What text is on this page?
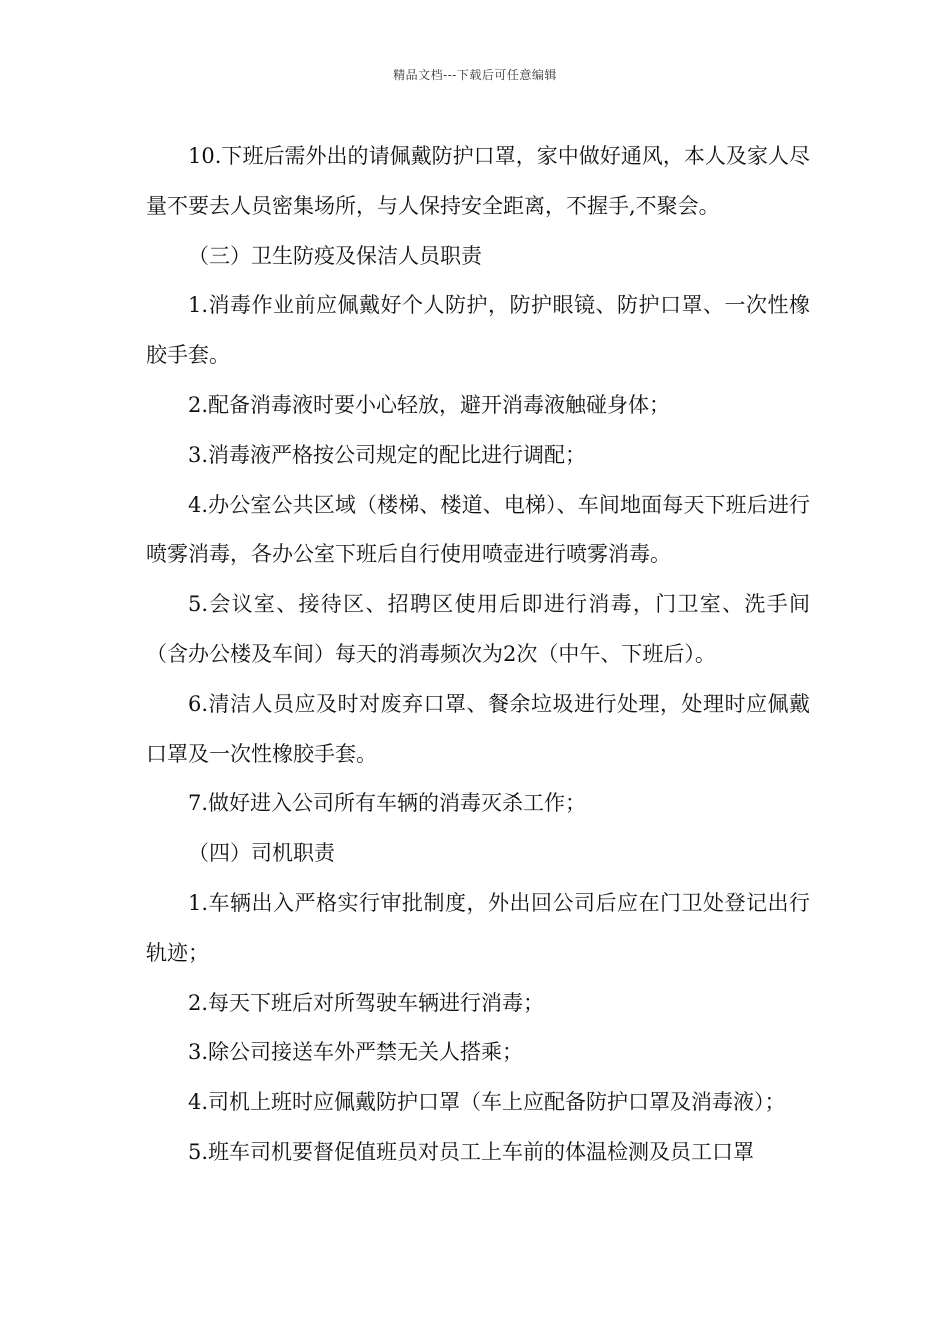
精品文档---下载后可任意编辑

10.下班后需外出的请佩戴防护口罩，家中做好通风，本人及家人尽量不要去人员密集场所，与人保持安全距离，不握手,不聚会。

（三）卫生防疫及保洁人员职责

1.消毒作业前应佩戴好个人防护，防护眼镜、防护口罩、一次性橡胶手套。

2.配备消毒液时要小心轻放，避开消毒液触碰身体；

3.消毒液严格按公司规定的配比进行调配；

4.办公室公共区域（楼梯、楼道、电梯）、车间地面每天下班后进行喷雾消毒，各办公室下班后自行使用喷壶进行喷雾消毒。

5.会议室、接待区、招聘区使用后即进行消毒，门卫室、洗手间（含办公楼及车间）每天的消毒频次为2次（中午、下班后）。

6.清洁人员应及时对废弃口罩、餐余垃圾进行处理，处理时应佩戴口罩及一次性橡胶手套。

7.做好进入公司所有车辆的消毒灭杀工作；

（四）司机职责

1.车辆出入严格实行审批制度，外出回公司后应在门卫处登记出行轨迹；

2.每天下班后对所驾驶车辆进行消毒；

3.除公司接送车外严禁无关人搭乘；

4.司机上班时应佩戴防护口罩（车上应配备防护口罩及消毒液）；

5.班车司机要督促值班员对员工上车前的体温检测及员工口罩
